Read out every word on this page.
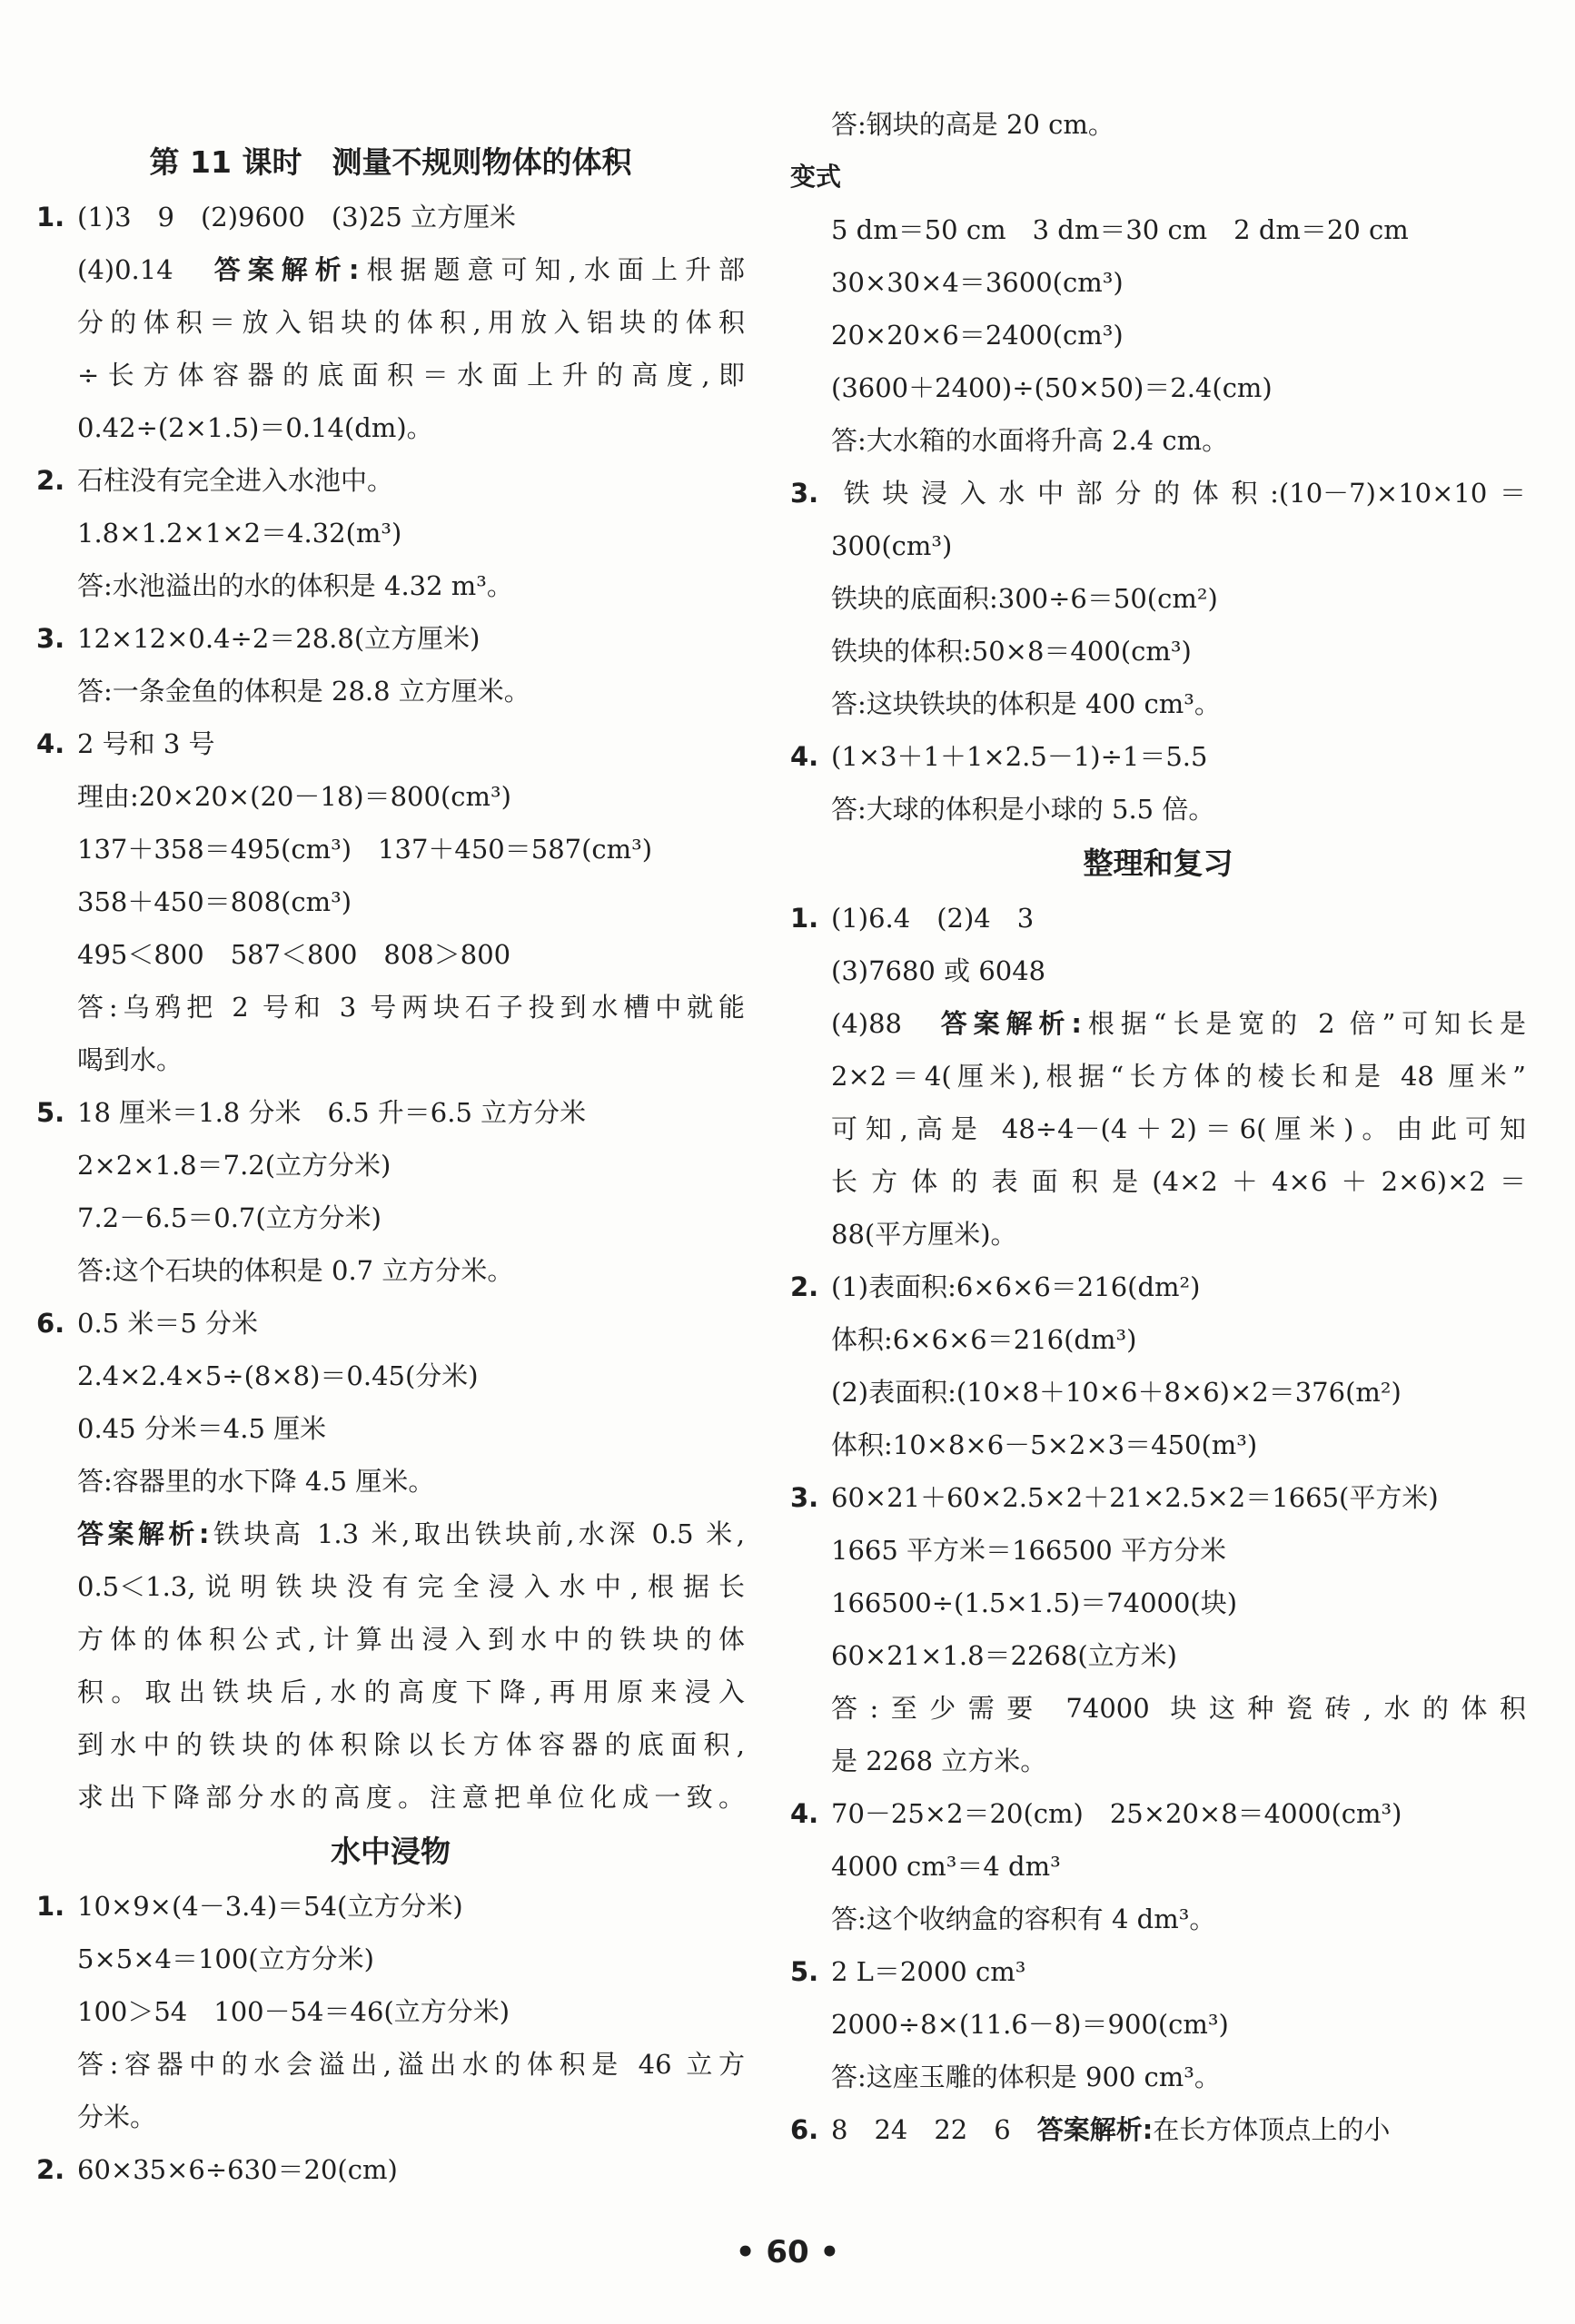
第 11 课时　测量不规则物体的体积
1. (1)3　9　(2)9600　(3)25 立方厘米
(4)0.14　答案解析:根据题意可知,水面上升部
分的体积＝放入铝块的体积,用放入铝块的体积
÷长方体容器的底面积＝水面上升的高度,即
0.42÷(2×1.5)＝0.14(dm)。
2. 石柱没有完全进入水池中。
1.8×1.2×1×2＝4.32(m³)
答:水池溢出的水的体积是 4.32 m³。
3. 12×12×0.4÷2＝28.8(立方厘米)
答:一条金鱼的体积是 28.8 立方厘米。
4. 2 号和 3 号
理由:20×20×(20－18)＝800(cm³)
137＋358＝495(cm³)　137＋450＝587(cm³)
358＋450＝808(cm³)
495＜800　587＜800　808＞800
答:乌鸦把 2 号和 3 号两块石子投到水槽中就能
喝到水。
5. 18 厘米＝1.8 分米　6.5 升＝6.5 立方分米
2×2×1.8＝7.2(立方分米)
7.2－6.5＝0.7(立方分米)
答:这个石块的体积是 0.7 立方分米。
6. 0.5 米＝5 分米
2.4×2.4×5÷(8×8)＝0.45(分米)
0.45 分米＝4.5 厘米
答:容器里的水下降 4.5 厘米。
答案解析:铁块高 1.3 米,取出铁块前,水深 0.5 米,
0.5＜1.3,说明铁块没有完全浸入水中,根据长
方体的体积公式,计算出浸入到水中的铁块的体
积。取出铁块后,水的高度下降,再用原来浸入
到水中的铁块的体积除以长方体容器的底面积,
求出下降部分水的高度。注意把单位化成一致。
水中浸物
1. 10×9×(4－3.4)＝54(立方分米)
5×5×4＝100(立方分米)
100＞54　100－54＝46(立方分米)
答:容器中的水会溢出,溢出水的体积是 46 立方
分米。
2. 60×35×6÷630＝20(cm)
答:钢块的高是 20 cm。
变式
5 dm＝50 cm　3 dm＝30 cm　2 dm＝20 cm
30×30×4＝3600(cm³)
20×20×6＝2400(cm³)
(3600＋2400)÷(50×50)＝2.4(cm)
答:大水箱的水面将升高 2.4 cm。
3. 铁块浸入水中部分的体积:(10－7)×10×10＝
300(cm³)
铁块的底面积:300÷6＝50(cm²)
铁块的体积:50×8＝400(cm³)
答:这块铁块的体积是 400 cm³。
4. (1×3＋1＋1×2.5－1)÷1＝5.5
答:大球的体积是小球的 5.5 倍。
整理和复习
1. (1)6.4　(2)4　3
(3)7680 或 6048
(4)88　答案解析:根据“长是宽的 2 倍”可知长是
2×2＝4(厘米),根据“长方体的棱长和是 48 厘米”
可知,高是 48÷4－(4＋2)＝6(厘米)。由此可知
长方体的表面积是(4×2＋4×6＋2×6)×2＝
88(平方厘米)。
2. (1)表面积:6×6×6＝216(dm²)
体积:6×6×6＝216(dm³)
(2)表面积:(10×8＋10×6＋8×6)×2＝376(m²)
体积:10×8×6－5×2×3＝450(m³)
3. 60×21＋60×2.5×2＋21×2.5×2＝1665(平方米)
1665 平方米＝166500 平方分米
166500÷(1.5×1.5)＝74000(块)
60×21×1.8＝2268(立方米)
答:至少需要 74000 块这种瓷砖,水的体积
是 2268 立方米。
4. 70－25×2＝20(cm)　25×20×8＝4000(cm³)
4000 cm³＝4 dm³
答:这个收纳盒的容积有 4 dm³。
5. 2 L＝2000 cm³
2000÷8×(11.6－8)＝900(cm³)
答:这座玉雕的体积是 900 cm³。
6. 8　24　22　6　答案解析:在长方体顶点上的小
• 60 •
